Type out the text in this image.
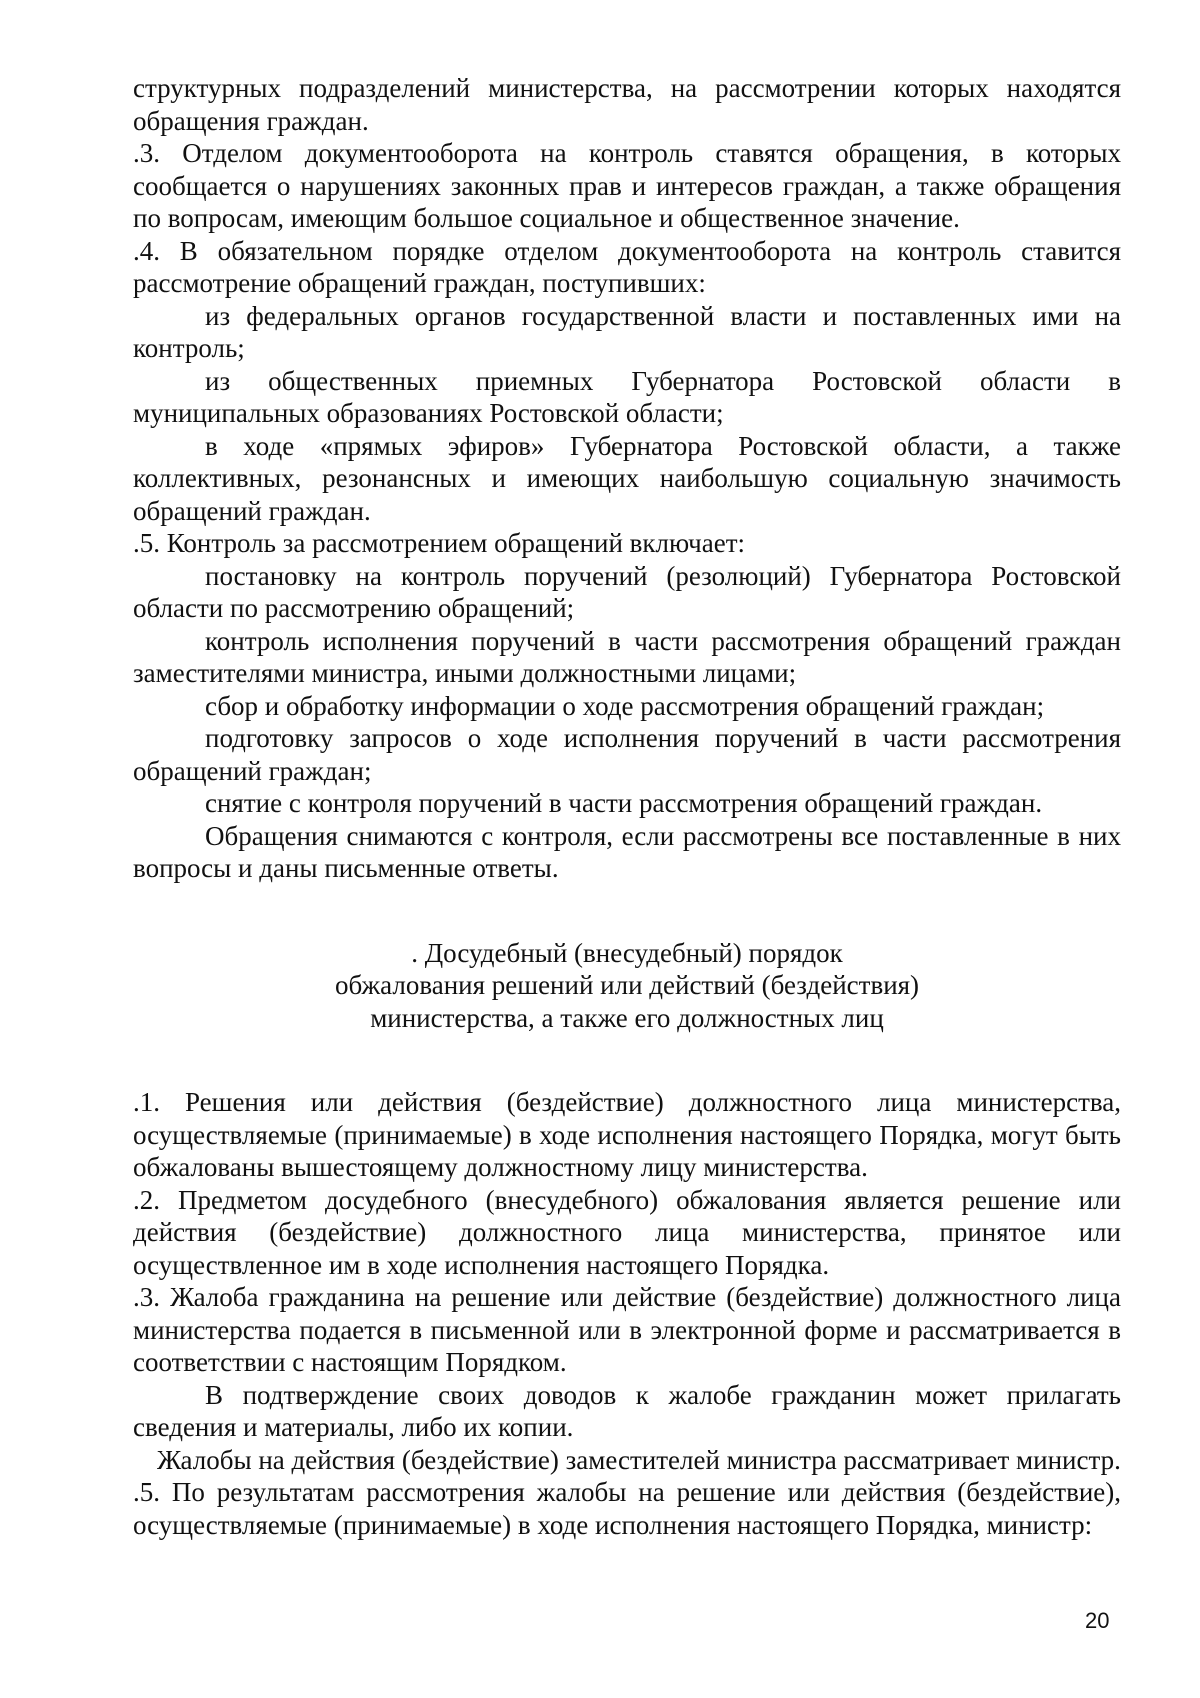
структурных подразделений министерства, на рассмотрении которых находятся обращения граждан.

.3. Отделом документооборота на контроль ставятся обращения, в которых сообщается о нарушениях законных прав и интересов граждан, а также обращения по вопросам, имеющим большое социальное и общественное значение.

.4. В обязательном порядке отделом документооборота на контроль ставится рассмотрение обращений граждан, поступивших:

из федеральных органов государственной власти и поставленных ими на контроль;

из общественных приемных Губернатора Ростовской области в муниципальных образованиях Ростовской области;

в ходе «прямых эфиров» Губернатора Ростовской области, а также коллективных, резонансных и имеющих наибольшую социальную значимость обращений граждан.

.5. Контроль за рассмотрением обращений включает:

постановку на контроль поручений (резолюций) Губернатора Ростовской области по рассмотрению обращений;

контроль исполнения поручений в части рассмотрения обращений граждан заместителями министра, иными должностными лицами;

сбор и обработку информации о ходе рассмотрения обращений граждан;

подготовку запросов о ходе исполнения поручений в части рассмотрения обращений граждан;

снятие с контроля поручений в части рассмотрения обращений граждан.

Обращения снимаются с контроля, если рассмотрены все поставленные в них вопросы и даны письменные ответы.

. Досудебный (внесудебный) порядок
обжалования решений или действий (бездействия)
министерства, а также его должностных лиц

.1. Решения или действия (бездействие) должностного лица министерства, осуществляемые (принимаемые) в ходе исполнения настоящего Порядка, могут быть обжалованы вышестоящему должностному лицу министерства.

.2. Предметом досудебного (внесудебного) обжалования является решение или действия (бездействие) должностного лица министерства, принятое или осуществленное им в ходе исполнения настоящего Порядка.

.3. Жалоба гражданина на решение или действие (бездействие) должностного лица министерства подается в письменной или в электронной форме и рассматривается в соответствии с настоящим Порядком.

В подтверждение своих доводов к жалобе гражданин может прилагать сведения и материалы, либо их копии.

Жалобы на действия (бездействие) заместителей министра рассматривает министр.

.5. По результатам рассмотрения жалобы на решение или действия (бездействие), осуществляемые (принимаемые) в ходе исполнения настоящего Порядка, министр:

20
